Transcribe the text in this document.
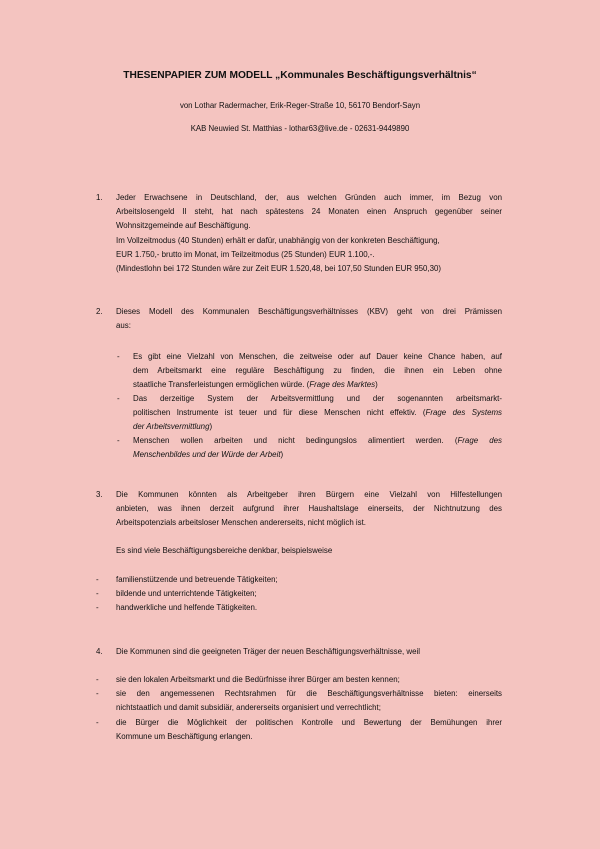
THESENPAPIER ZUM MODELL „Kommunales Beschäftigungsverhältnis“
von Lothar Radermacher, Erik-Reger-Straße 10, 56170 Bendorf-Sayn
KAB Neuwied St. Matthias - lothar63@live.de - 02631-9449890
1. Jeder Erwachsene in Deutschland, der, aus welchen Gründen auch immer, im Bezug von
Arbeitslosengeld II steht, hat nach spätestens 24 Monaten einen Anspruch gegenüber seiner
Wohnsitzgemeinde auf Beschäftigung.
Im Vollzeitmodus (40 Stunden) erhält er dafür, unabhängig von der konkreten Beschäftigung,
EUR 1.750,- brutto im Monat, im Teilzeitmodus (25 Stunden) EUR 1.100,-.
(Mindestlohn bei 172 Stunden wäre zur Zeit EUR 1.520,48, bei 107,50 Stunden EUR 950,30)
2. Dieses Modell des Kommunalen Beschäftigungsverhältnisses (KBV) geht von drei Prämissen
aus:
- Es gibt eine Vielzahl von Menschen, die zeitweise oder auf Dauer keine Chance haben, auf
dem Arbeitsmarkt eine reguläre Beschäftigung zu finden, die ihnen ein Leben ohne
staatliche Transferleistungen ermöglichen würde. (Frage des Marktes)
- Das derzeitige System der Arbeitsvermittlung und der sogenannten arbeitsmarkt-
politischen Instrumente ist teuer und für diese Menschen nicht effektiv. (Frage des Systems
der Arbeitsvermittlung)
- Menschen wollen arbeiten und nicht bedingungslos alimentiert werden. (Frage des
Menschenbildes und der Würde der Arbeit)
3. Die Kommunen könnten als Arbeitgeber ihren Bürgern eine Vielzahl von Hilfestellungen
anbieten, was ihnen derzeit aufgrund ihrer Haushaltslage einerseits, der Nichtnutzung des
Arbeitspotenzials arbeitsloser Menschen andererseits, nicht möglich ist.
Es sind viele Beschäftigungsbereiche denkbar, beispielsweise
- familienstützende und betreuende Tätigkeiten;
- bildende und unterrichtende Tätigkeiten;
- handwerkliche und helfende Tätigkeiten.
4. Die Kommunen sind die geeigneten Träger der neuen Beschäftigungsverhältnisse, weil
- sie den lokalen Arbeitsmarkt und die Bedürfnisse ihrer Bürger am besten kennen;
- sie den angemessenen Rechtsrahmen für die Beschäftigungsverhältnisse bieten: einerseits
nichtstaatlich und damit subsidiär, andererseits organisiert und verrechtlicht;
- die Bürger die Möglichkeit der politischen Kontrolle und Bewertung der Bemühungen ihrer
Kommune um Beschäftigung erlangen.
